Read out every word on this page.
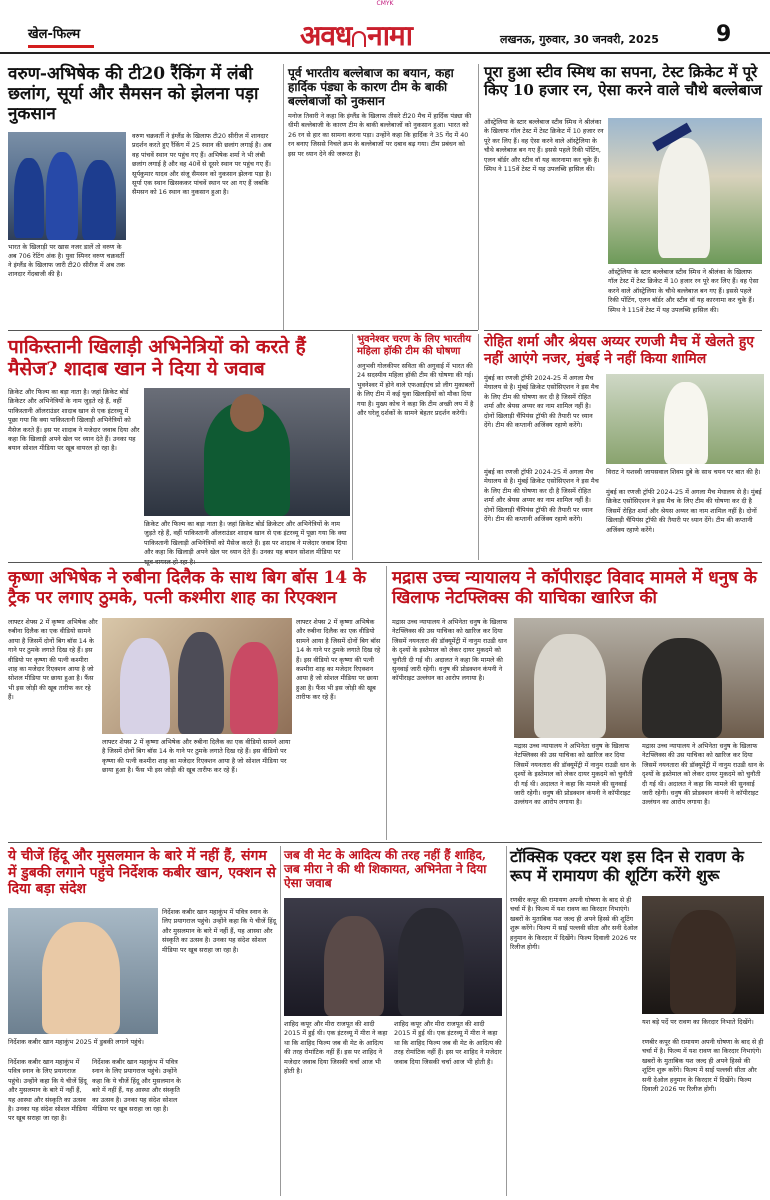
CMYK
खेल-फिल्म	अवध नामा	लखनऊ, गुरुवार, 30 जनवरी, 2025	9
वरुण-अभिषेक की टी20 रैंकिंग में लंबी छलांग, सूर्या और सैमसन को झेलना पड़ा नुकसान
भारत के खिलाड़ी पर खास नजर डालें तो वरुण के अब 706 रेटिंग अंक है। युवा स्पिनर वरुण चक्रवर्ती ने इंग्लैंड के खिलाफ जारी टी20 सीरीज में अब तक शानदार गेंदबाजी की है।
वरुण चक्रवर्ती ने इंग्लैंड के खिलाफ टी20 सीरीज में शानदार प्रदर्शन करते हुए रैंकिंग में 25 स्थान की छलांग लगाई है। अब वह पांचवें स्थान पर पहुंच गए हैं। अभिषेक शर्मा ने भी लंबी छलांग लगाई है और वह 40वें से दूसरे स्थान पर पहुंच गए हैं। सूर्यकुमार यादव और संजू सैमसन को नुकसान झेलना पड़ा है। सूर्या एक स्थान खिसककर पांचवें स्थान पर आ गए हैं जबकि सैमसन को 16 स्थान का नुकसान हुआ है।
पूर्व भारतीय बल्लेबाज का बयान, कहा हार्दिक पंड्या के कारण टीम के बाकी बल्लेबाजों को नुकसान
मनोज तिवारी ने कहा कि इंग्लैंड के खिलाफ तीसरे टी20 मैच में हार्दिक पंड्या की धीमी बल्लेबाजी के कारण टीम के बाकी बल्लेबाजों को नुकसान हुआ। भारत को 26 रन से हार का सामना करना पड़ा। उन्होंने कहा कि हार्दिक ने 35 गेंद में 40 रन बनाए जिससे निचले क्रम के बल्लेबाजों पर दबाव बढ़ गया। टीम प्रबंधन को इस पर ध्यान देने की जरूरत है।
पूरा हुआ स्टीव स्मिथ का सपना, टेस्ट क्रिकेट में पूरे किए 10 हजार रन, ऐसा करने वाले चौथे बल्लेबाज
ऑस्ट्रेलिया के स्टार बल्लेबाज स्टीव स्मिथ ने श्रीलंका के खिलाफ गॉल टेस्ट में टेस्ट क्रिकेट में 10 हजार रन पूरे कर लिए हैं। वह ऐसा करने वाले ऑस्ट्रेलिया के चौथे बल्लेबाज बन गए हैं। इससे पहले रिकी पोंटिंग, एलन बॉर्डर और स्टीव वॉ यह कारनामा कर चुके हैं। स्मिथ ने 115वें टेस्ट में यह उपलब्धि हासिल की।
ऑस्ट्रेलिया के स्टार बल्लेबाज स्टीव स्मिथ ने श्रीलंका के खिलाफ गॉल टेस्ट में टेस्ट क्रिकेट में 10 हजार रन पूरे कर लिए हैं। वह ऐसा करने वाले ऑस्ट्रेलिया के चौथे बल्लेबाज बन गए हैं। इससे पहले रिकी पोंटिंग, एलन बॉर्डर और स्टीव वॉ यह कारनामा कर चुके हैं। स्मिथ ने 115वें टेस्ट में यह उपलब्धि हासिल की।
पाकिस्तानी खिलाड़ी अभिनेत्रियों को करते हैं मैसेज? शादाब खान ने दिया ये जवाब
क्रिकेट और फिल्म का बड़ा नाता है। जहां क्रिकेट बोर्ड क्रिकेटर और अभिनेत्रियों के नाम जुड़ते रहे हैं, वहीं पाकिस्तानी ऑलराउंडर शादाब खान से एक इंटरव्यू में पूछा गया कि क्या पाकिस्तानी खिलाड़ी अभिनेत्रियों को मैसेज करते हैं। इस पर शादाब ने मजेदार जवाब दिया और कहा कि खिलाड़ी अपने खेल पर ध्यान देते हैं। उनका यह बयान सोशल मीडिया पर खूब वायरल हो रहा है।
क्रिकेट और फिल्म का बड़ा नाता है। जहां क्रिकेट बोर्ड क्रिकेटर और अभिनेत्रियों के नाम जुड़ते रहे हैं, वहीं पाकिस्तानी ऑलराउंडर शादाब खान से एक इंटरव्यू में पूछा गया कि क्या पाकिस्तानी खिलाड़ी अभिनेत्रियों को मैसेज करते हैं। इस पर शादाब ने मजेदार जवाब दिया और कहा कि खिलाड़ी अपने खेल पर ध्यान देते हैं। उनका यह बयान सोशल मीडिया पर
भुवनेश्वर चरण के लिए भारतीय महिला हॉकी टीम की घोषणा
अनुभवी गोलकीपर सविता की अगुवाई में भारत की 24 सदस्यीय महिला हॉकी टीम की घोषणा की गई। भुवनेश्वर में होने वाले एफआईएच प्रो लीग मुकाबलों के लिए टीम में कई युवा खिलाड़ियों को मौका दिया गया है। मुख्य कोच ने कहा कि टीम अच्छी लय में है और घरेलू दर्शकों के सामने बेहतर प्रदर्शन करेगी।
रोहित शर्मा और श्रेयस अय्यर रणजी मैच में खेलते हुए नहीं आएंगे नजर, मुंबई ने नहीं किया शामिल
मुंबई का रणजी ट्रॉफी 2024-25 में अगला मैच मेघालय से है। मुंबई क्रिकेट एसोसिएशन ने इस मैच के लिए टीम की घोषणा कर दी है जिसमें रोहित शर्मा और श्रेयस अय्यर का नाम शामिल नहीं है। दोनों खिलाड़ी चैंपियंस ट्रॉफी की तैयारी पर ध्यान देंगे। टीम की कप्तानी अजिंक्य रहाणे करेंगे।
विराट ने यशस्वी जायसवाल शिवम दुबे के साथ चयन पर बात की है।
मुंबई का रणजी ट्रॉफी 2024-25 में अगला मैच मेघालय से है। मुंबई क्रिकेट एसोसिएशन ने इस मैच के लिए टीम की घोषणा कर दी है जिसमें रोहित शर्मा और श्रेयस अय्यर का नाम शामिल नहीं है। दोनों खिलाड़ी चैंपियंस ट्रॉफी की तैयारी पर ध्यान देंगे। टीम की कप्तानी अजिंक्य रहाणे करेंगे।
मुंबई का रणजी ट्रॉफी 2024-25 में अगला मैच मेघालय से है। मुंबई क्रिकेट एसोसिएशन ने इस मैच के लिए टीम की घोषणा कर दी है जिसमें रोहित शर्मा और श्रेयस अय्यर का नाम शामिल नहीं है। दोनों खिलाड़ी चैंपियंस ट्रॉफी की तैयारी पर ध्यान देंगे। टीम की कप्तानी अजिंक्य रहाणे करेंगे।
कृष्णा अभिषेक ने रुबीना दिलैक के साथ बिग बॉस 14 के ट्रैक पर लगाए ठुमके, पत्नी कश्मीरा शाह का रिएक्शन
लाफ्टर शेफ्स 2 में कृष्णा अभिषेक और रुबीना दिलैक का एक वीडियो सामने आया है जिसमें दोनों बिग बॉस 14 के गाने पर ठुमके लगाते दिख रहे हैं। इस वीडियो पर कृष्णा की पत्नी कश्मीरा शाह का मजेदार रिएक्शन आया है जो सोशल मीडिया पर छाया हुआ है। फैंस भी इस जोड़ी की खूब तारीफ कर रहे हैं।
लाफ्टर शेफ्स 2 में कृष्णा अभिषेक और रुबीना दिलैक का एक वीडियो सामने आया है जिसमें दोनों बिग बॉस 14 के गाने पर ठुमके लगाते दिख रहे हैं। इस वीडियो पर कृष्णा की पत्नी कश्मीरा शाह का मजेदार रिएक्शन आया है जो सोशल मीडिया पर छाया हुआ है। फैंस भी इस जोड़ी की खूब तारीफ कर रहे हैं।
लाफ्टर शेफ्स 2 में कृष्णा अभिषेक और रुबीना दिलैक का एक वीडियो सामने आया है जिसमें दोनों बिग बॉस 14 के गाने पर ठुमके लगाते दिख रहे हैं। इस वीडियो पर कृष्णा की पत्नी कश्मीरा शाह का मजेदार रिएक्शन आया है जो सोशल मीडिया पर छाया हुआ है। फैंस भी इस जोड़ी की खूब तारीफ कर रहे हैं।
मद्रास उच्च न्यायालय ने कॉपीराइट विवाद मामले में धनुष के खिलाफ नेटफ्लिक्स की याचिका खारिज की
मद्रास उच्च न्यायालय ने अभिनेता धनुष के खिलाफ नेटफ्लिक्स की उस याचिका को खारिज कर दिया जिसमें नयनतारा की डॉक्यूमेंट्री में नानुम राउडी धान के दृश्यों के इस्तेमाल को लेकर दायर मुकदमे को चुनौती दी गई थी। अदालत ने कहा कि मामले की सुनवाई जारी रहेगी। धनुष की प्रोडक्शन कंपनी ने कॉपीराइट उल्लंघन का आरोप लगाया है।
मद्रास उच्च न्यायालय ने अभिनेता धनुष के खिलाफ नेटफ्लिक्स की उस याचिका को खारिज कर दिया जिसमें नयनतारा की डॉक्यूमेंट्री में नानुम राउडी धान के दृश्यों के इस्तेमाल को लेकर दायर मुकदमे को चुनौती दी गई थी। अदालत ने कहा कि मामले की सुनवाई जारी रहेगी। धनुष की प्रोडक्शन कंपनी ने कॉपीराइट उल्लंघन का आरोप लगाया है।
मद्रास उच्च न्यायालय ने अभिनेता धनुष के खिलाफ नेटफ्लिक्स की उस याचिका को खारिज कर दिया जिसमें नयनतारा की डॉक्यूमेंट्री में नानुम राउडी धान के दृश्यों के इस्तेमाल को लेकर दायर मुकदमे को चुनौती दी गई थी। अदालत ने कहा कि मामले की सुनवाई जारी रहेगी। धनुष की प्रोडक्शन कंपनी ने कॉपीराइट उल्लंघन का आरोप लगाया है।
ये चीजें हिंदू और मुसलमान के बारे में नहीं हैं, संगम में डुबकी लगाने पहुंचे निर्देशक कबीर खान, एक्शन से दिया बड़ा संदेश
निर्देशक कबीर खान महाकुंभ 2025 में डुबकी लगाने पहुंचे।
निर्देशक कबीर खान महाकुंभ में पवित्र स्नान के लिए प्रयागराज पहुंचे। उन्होंने कहा कि ये चीजें हिंदू और मुसलमान के बारे में नहीं हैं, यह आस्था और संस्कृति का उत्सव है। उनका यह संदेश सोशल मीडिया पर खूब सराहा जा रहा है।
निर्देशक कबीर खान महाकुंभ में पवित्र स्नान के लिए प्रयागराज पहुंचे। उन्होंने कहा कि ये चीजें हिंदू और मुसलमान के बारे में नहीं हैं, यह आस्था और संस्कृति का उत्सव है। उनका यह संदेश सोशल मीडिया पर खूब सराहा जा रहा है।
निर्देशक कबीर खान महाकुंभ में पवित्र स्नान के लिए प्रयागराज पहुंचे। उन्होंने कहा कि ये चीजें हिंदू और मुसलमान के बारे में नहीं हैं, यह आस्था और संस्कृति का उत्सव है। उनका यह संदेश सोशल मीडिया पर खूब सराहा जा रहा है।
जब वी मेट के आदित्य की तरह नहीं हैं शाहिद, जब मीरा ने की थी शिकायत, अभिनेता ने दिया ऐसा जवाब
शाहिद कपूर और मीरा राजपूत की शादी 2015 में हुई थी। एक इंटरव्यू में मीरा ने कहा था कि शाहिद फिल्म जब वी मेट के आदित्य की तरह रोमांटिक नहीं हैं। इस पर शाहिद ने मजेदार जवाब दिया जिसकी चर्चा आज भी होती है।
शाहिद कपूर और मीरा राजपूत की शादी 2015 में हुई थी। एक इंटरव्यू में मीरा ने कहा था कि शाहिद फिल्म जब वी मेट के आदित्य की तरह रोमांटिक नहीं हैं। इस पर शाहिद ने मजेदार जवाब दिया जिसकी चर्चा आज भी होती है।
टॉक्सिक एक्टर यश इस दिन से रावण के रूप में रामायण की शूटिंग करेंगे शुरू
रणबीर कपूर की रामायण अपनी घोषणा के बाद से ही चर्चा में है। फिल्म में यश रावण का किरदार निभाएंगे। खबरों के मुताबिक यश जल्द ही अपने हिस्से की शूटिंग शुरू करेंगे। फिल्म में साई पल्लवी सीता और सनी देओल हनुमान के किरदार में दिखेंगे। फिल्म दिवाली 2026 पर रिलीज होगी।
यश बड़े पर्दे पर रावण का किरदार निभाते दिखेंगे।
रणबीर कपूर की रामायण अपनी घोषणा के बाद से ही चर्चा में है। फिल्म में यश रावण का किरदार निभाएंगे। खबरों के मुताबिक यश जल्द ही अपने हिस्से की शूटिंग शुरू करेंगे। फिल्म में साई पल्लवी सीता और सनी देओल हनुमान के किरदार में दिखेंगे। फिल्म दिवाली 2026 पर रिलीज होगी।
